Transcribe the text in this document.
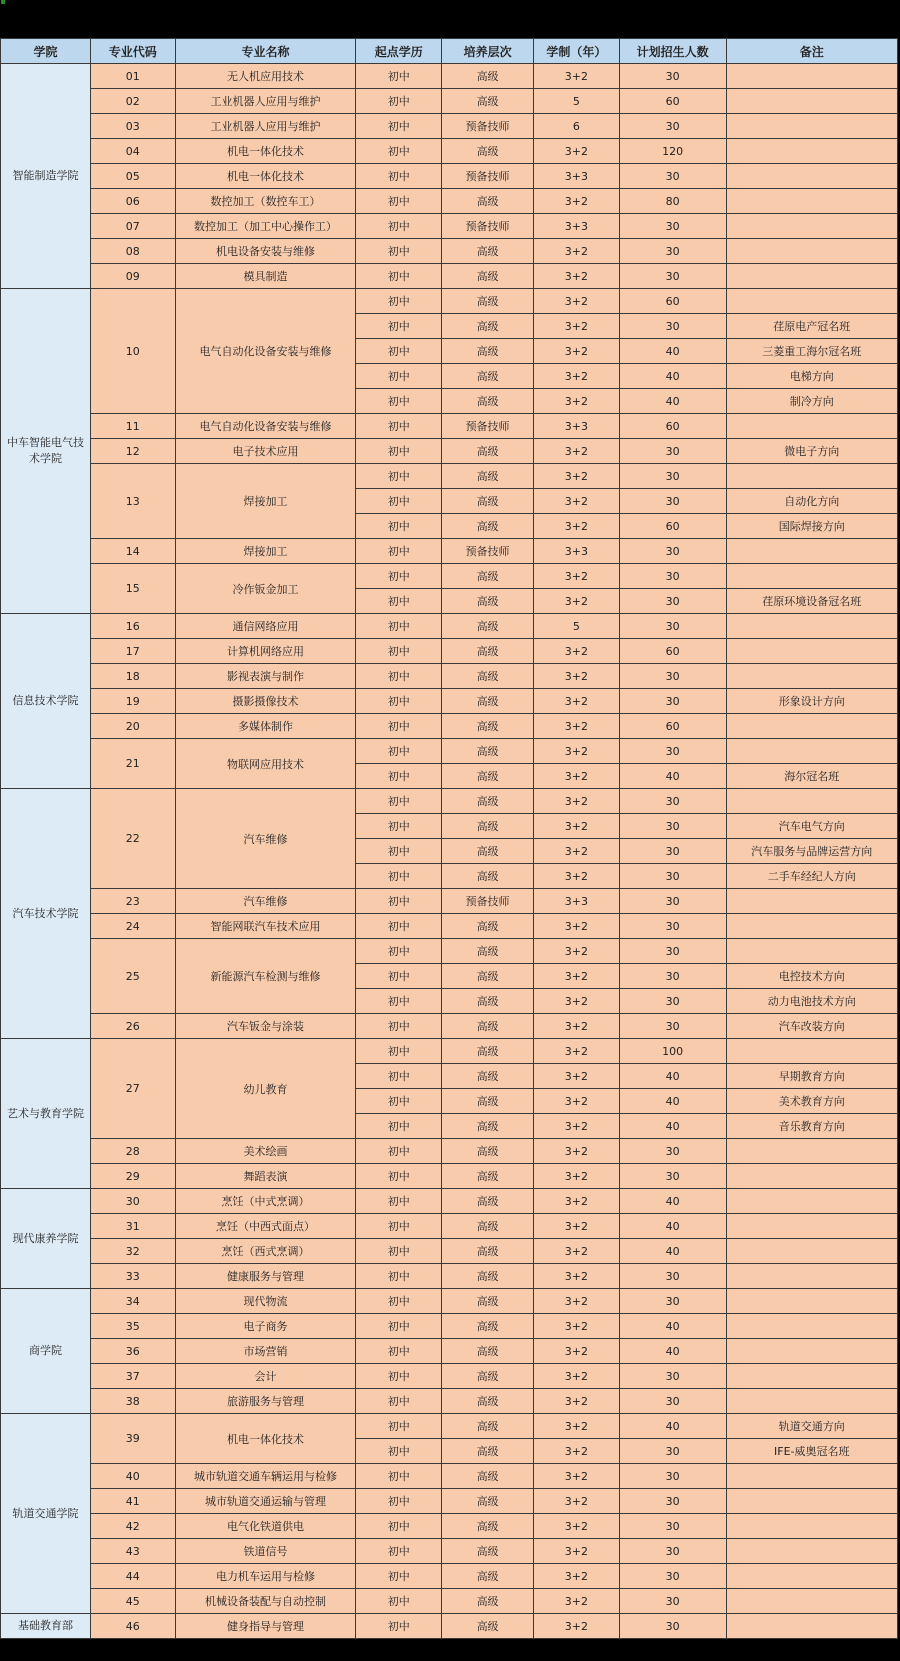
学院	专业代码	专业名称	起点学历	培养层次	学制（年）	计划招生人数	备注
智能制造学院	01	无人机应用技术	初中	高级	3+2	30	
	02	工业机器人应用与维护	初中	高级	5	60	
	03	工业机器人应用与维护	初中	预备技师	6	30	
	04	机电一体化技术	初中	高级	3+2	120	
	05	机电一体化技术	初中	预备技师	3+3	30	
	06	数控加工（数控车工）	初中	高级	3+2	80	
	07	数控加工（加工中心操作工）	初中	预备技师	3+3	30	
	08	机电设备安装与维修	初中	高级	3+2	30	
	09	模具制造	初中	高级	3+2	30	
中车智能电气技术学院	10	电气自动化设备安装与维修	初中	高级	3+2	60	
			初中	高级	3+2	30	荏原电产冠名班
			初中	高级	3+2	40	三菱重工海尔冠名班
			初中	高级	3+2	40	电梯方向
			初中	高级	3+2	40	制冷方向
	11	电气自动化设备安装与维修	初中	预备技师	3+3	60	
	12	电子技术应用	初中	高级	3+2	30	微电子方向
	13	焊接加工	初中	高级	3+2	30	
			初中	高级	3+2	30	自动化方向
			初中	高级	3+2	60	国际焊接方向
	14	焊接加工	初中	预备技师	3+3	30	
	15	冷作钣金加工	初中	高级	3+2	30	
			初中	高级	3+2	30	荏原环境设备冠名班
信息技术学院	16	通信网络应用	初中	高级	5	30	
	17	计算机网络应用	初中	高级	3+2	60	
	18	影视表演与制作	初中	高级	3+2	30	
	19	摄影摄像技术	初中	高级	3+2	30	形象设计方向
	20	多媒体制作	初中	高级	3+2	60	
	21	物联网应用技术	初中	高级	3+2	30	
			初中	高级	3+2	40	海尔冠名班
汽车技术学院	22	汽车维修	初中	高级	3+2	30	
			初中	高级	3+2	30	汽车电气方向
			初中	高级	3+2	30	汽车服务与品牌运营方向
			初中	高级	3+2	30	二手车经纪人方向
	23	汽车维修	初中	预备技师	3+3	30	
	24	智能网联汽车技术应用	初中	高级	3+2	30	
	25	新能源汽车检测与维修	初中	高级	3+2	30	
			初中	高级	3+2	30	电控技术方向
			初中	高级	3+2	30	动力电池技术方向
	26	汽车钣金与涂装	初中	高级	3+2	30	汽车改装方向
艺术与教育学院	27	幼儿教育	初中	高级	3+2	100	
			初中	高级	3+2	40	早期教育方向
			初中	高级	3+2	40	美术教育方向
			初中	高级	3+2	40	音乐教育方向
	28	美术绘画	初中	高级	3+2	30	
	29	舞蹈表演	初中	高级	3+2	30	
现代康养学院	30	烹饪（中式烹调）	初中	高级	3+2	40	
	31	烹饪（中西式面点）	初中	高级	3+2	40	
	32	烹饪（西式烹调）	初中	高级	3+2	40	
	33	健康服务与管理	初中	高级	3+2	30	
商学院	34	现代物流	初中	高级	3+2	30	
	35	电子商务	初中	高级	3+2	40	
	36	市场营销	初中	高级	3+2	40	
	37	会计	初中	高级	3+2	30	
	38	旅游服务与管理	初中	高级	3+2	30	
轨道交通学院	39	机电一体化技术	初中	高级	3+2	40	轨道交通方向
			初中	高级	3+2	30	IFE-威奥冠名班
	40	城市轨道交通车辆运用与检修	初中	高级	3+2	30	
	41	城市轨道交通运输与管理	初中	高级	3+2	30	
	42	电气化铁道供电	初中	高级	3+2	30	
	43	铁道信号	初中	高级	3+2	30	
	44	电力机车运用与检修	初中	高级	3+2	30	
	45	机械设备装配与自动控制	初中	高级	3+2	30	
基础教育部	46	健身指导与管理	初中	高级	3+2	30	
